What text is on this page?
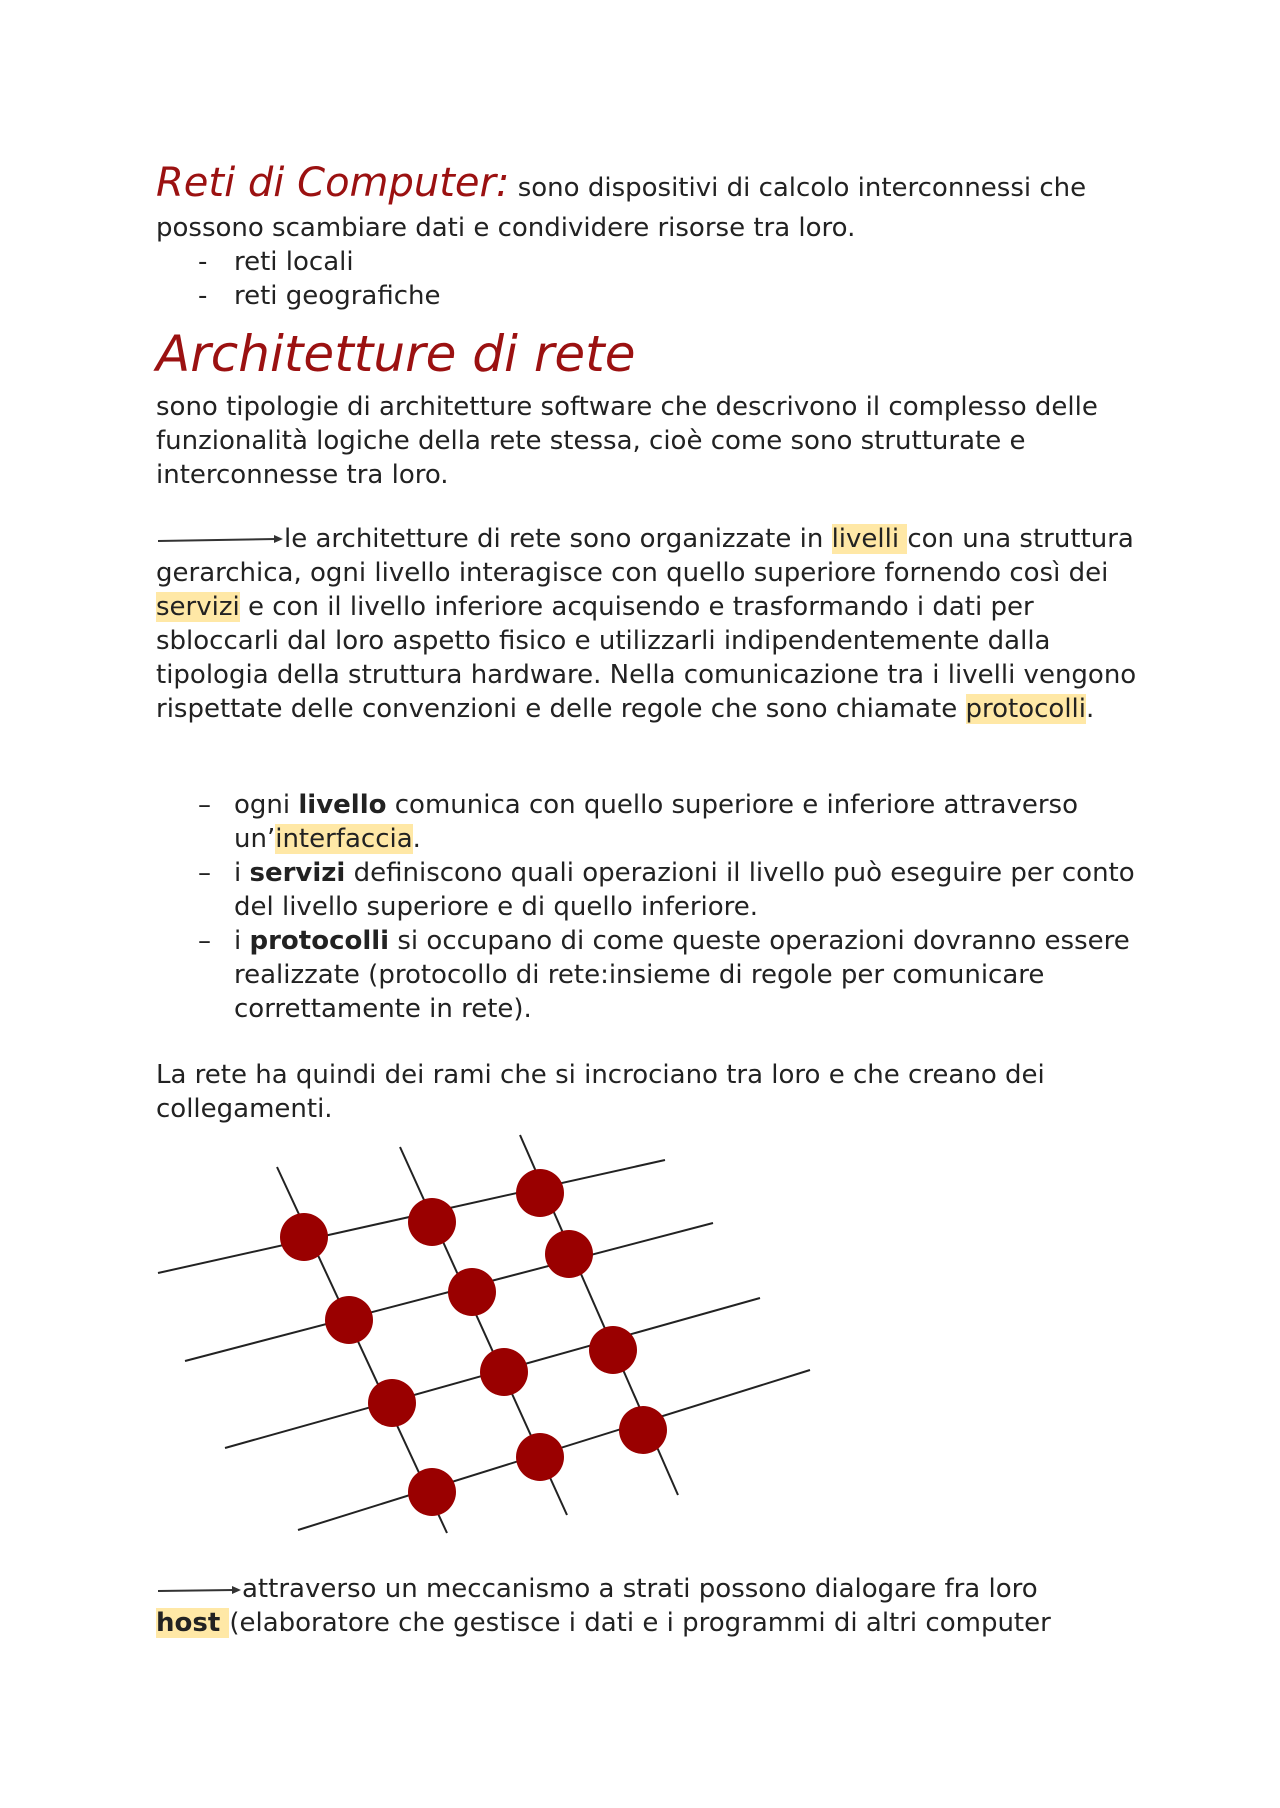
Reti di Computer: sono dispositivi di calcolo interconnessi che

possono scambiare dati e condividere risorse tra loro.

- reti locali
- reti geografiche
Architetture di rete

sono tipologie di architetture software che descrivono il complesso delle funzionalità logiche della rete stessa, cioè come sono strutturate e interconnesse tra loro.

le architetture di rete sono organizzate in livelli con una struttura gerarchica, ogni livello interagisce con quello superiore fornendo così dei servizi e con il livello inferiore acquisendo e trasformando i dati per sbloccarli dal loro aspetto fisico e utilizzarli indipendentemente dalla tipologia della struttura hardware. Nella comunicazione tra i livelli vengono rispettate delle convenzioni e delle regole che sono chiamate protocolli.

– ogni livello comunica con quello superiore e inferiore attraverso un’interfaccia.
– i servizi definiscono quali operazioni il livello può eseguire per conto del livello superiore e di quello inferiore.
– i protocolli si occupano di come queste operazioni dovranno essere realizzate (protocollo di rete:insieme di regole per comunicare correttamente in rete).

La rete ha quindi dei rami che si incrociano tra loro e che creano dei collegamenti.

attraverso un meccanismo a strati possono dialogare fra loro
host (elaboratore che gestisce i dati e i programmi di altri computer
